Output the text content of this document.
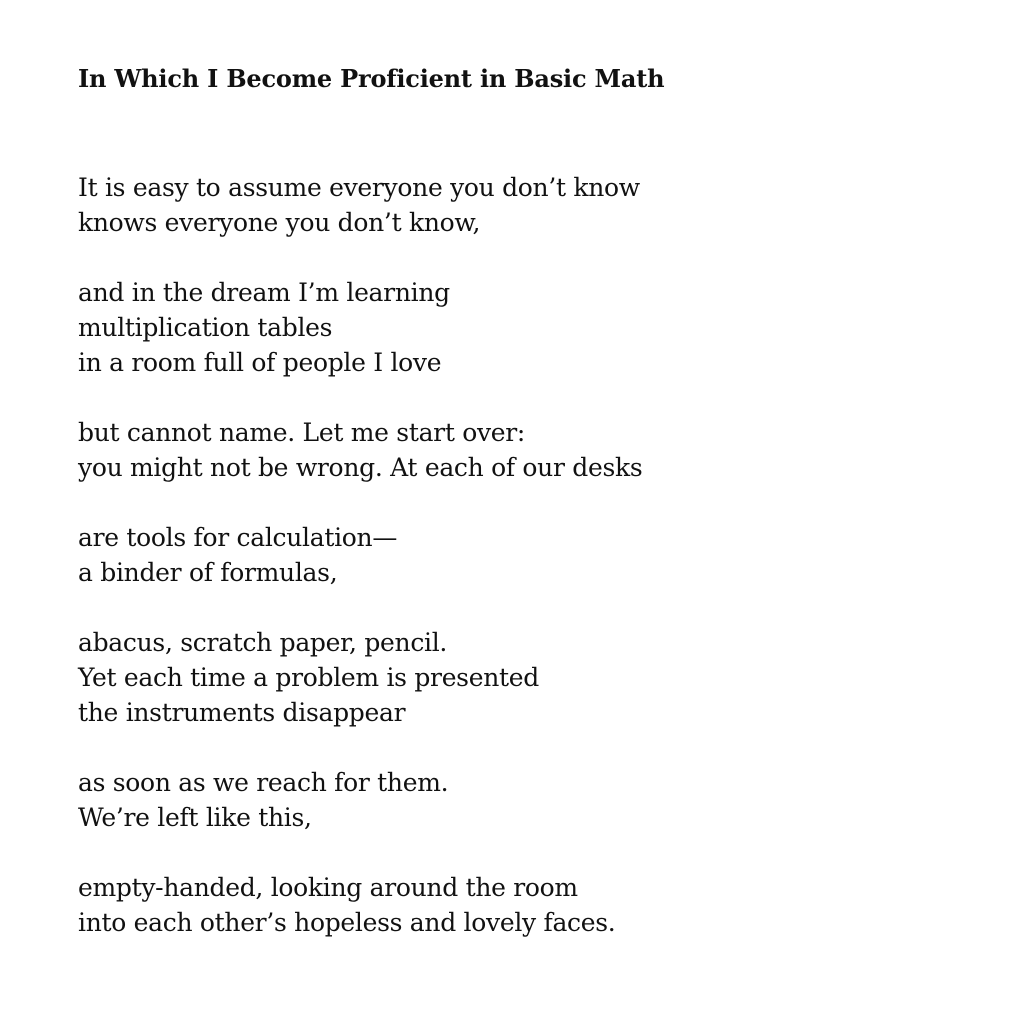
In Which I Become Proficient in Basic Math

It is easy to assume everyone you don’t know
knows everyone you don’t know,

and in the dream I’m learning
multiplication tables
in a room full of people I love

but cannot name. Let me start over:
you might not be wrong. At each of our desks

are tools for calculation—
a binder of formulas,

abacus, scratch paper, pencil.
Yet each time a problem is presented
the instruments disappear

as soon as we reach for them.
We’re left like this,

empty-handed, looking around the room
into each other’s hopeless and lovely faces.
